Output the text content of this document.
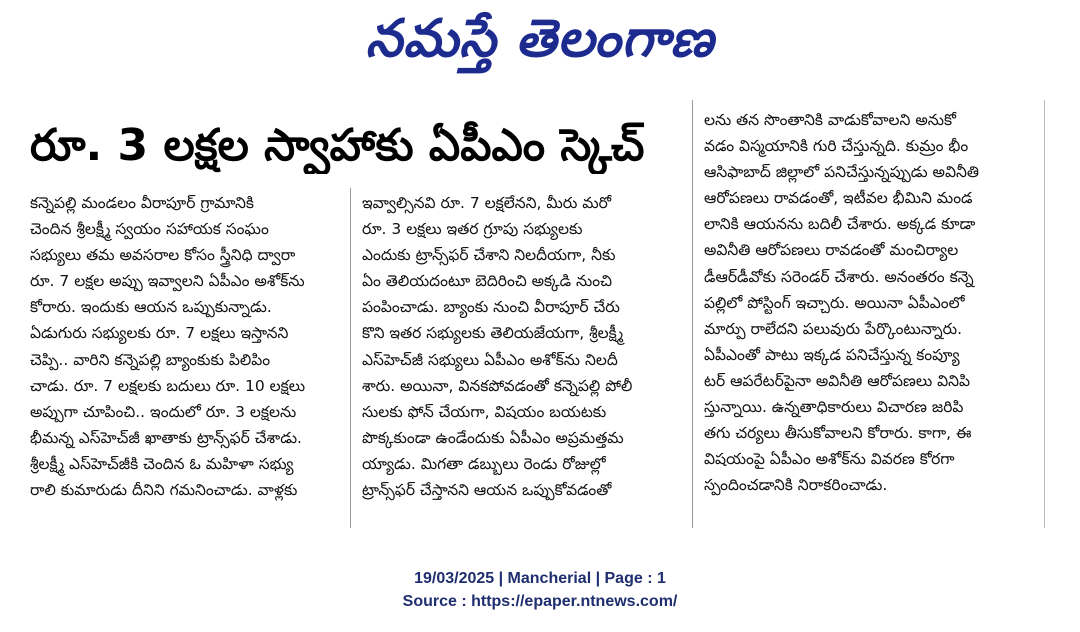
నమస్తే తెలంగాణ
రూ. 3 లక్షల స్వాహాకు ఏపీఎం స్కెచ్

కన్నెపల్లి మండలం వీరాపూర్ గ్రామానికి

చెందిన శ్రీలక్ష్మీ స్వయం సహాయక సంఘం

సభ్యులు తమ అవసరాల కోసం స్త్రీనిధి ద్వారా

రూ. 7 లక్షల అప్పు ఇవ్వాలని ఏపీఎం అశోక్‌ను

కోరారు. ఇందుకు ఆయన ఒప్పుకున్నాడు.

ఏడుగురు సభ్యులకు రూ. 7 లక్షలు ఇస్తానని

చెప్పి.. వారిని కన్నెపల్లి బ్యాంకుకు పిలిపిం

చాడు. రూ. 7 లక్షలకు బదులు రూ. 10 లక్షలు

అప్పుగా చూపించి.. ఇందులో రూ. 3 లక్షలను

భీమన్న ఎస్‌హెచ్‌జీ ఖాతాకు ట్రాన్స్‌ఫర్ చేశాడు.

శ్రీలక్ష్మీ ఎస్‌హెచ్‌జీకి చెందిన ఓ మహిళా సభ్యు

రాలి కుమారుడు దీనిని గమనించాడు. వాళ్లకు

ఇవ్వాల్సినవి రూ. 7 లక్షలేనని, మీరు మరో

రూ. 3 లక్షలు ఇతర గ్రూపు సభ్యులకు

ఎందుకు ట్రాన్స్‌ఫర్ చేశాని నిలదీయగా, నీకు

ఏం తెలియదంటూ బెదిరించి అక్కడి నుంచి

పంపించాడు. బ్యాంకు నుంచి వీరాపూర్ చేరు

కొని ఇతర సభ్యులకు తెలియజేయగా, శ్రీలక్ష్మీ

ఎస్‌హెచ్‌జీ సభ్యులు ఏపీఎం అశోక్‌ను నిలదీ

శారు. అయినా, వినకపోవడంతో కన్నెపల్లి పోలీ

సులకు ఫోన్ చేయగా, విషయం బయటకు

పొక్కకుండా ఉండేందుకు ఏపీఎం అప్రమత్తమ

య్యాడు. మిగతా డబ్బులు రెండు రోజుల్లో

ట్రాన్స్‌ఫర్ చేస్తానని ఆయన ఒప్పుకోవడంతో

లను తన సొంతానికి వాడుకోవాలని అనుకో

వడం విస్మయానికి గురి చేస్తున్నది. కుమ్రం భీం

ఆసిఫాబాద్ జిల్లాలో పనిచేస్తున్నప్పుడు అవినీతి

ఆరోపణలు రావడంతో, ఇటీవల భీమిని మండ

లానికి ఆయనను బదిలీ చేశారు. అక్కడ కూడా

అవినీతి ఆరోపణలు రావడంతో మంచిర్యాల

డీఆర్‌డీవోకు సరెండర్ చేశారు. అనంతరం కన్నె

పల్లిలో పోస్టింగ్ ఇచ్చారు. అయినా ఏపీఎంలో

మార్పు రాలేదని పలువురు పేర్కొంటున్నారు.

ఏపీఎంతో పాటు ఇక్కడ పనిచేస్తున్న కంప్యూ

టర్ ఆపరేటర్‌పైనా అవినీతి ఆరోపణలు వినిపి

స్తున్నాయి. ఉన్నతాధికారులు విచారణ జరిపి

తగు చర్యలు తీసుకోవాలని కోరారు. కాగా, ఈ

విషయంపై ఏపీఎం అశోక్‌ను వివరణ కోరగా

స్పందించడానికి నిరాకరించాడు.

19/03/2025 | Mancherial | Page : 1
Source : https://epaper.ntnews.com/
